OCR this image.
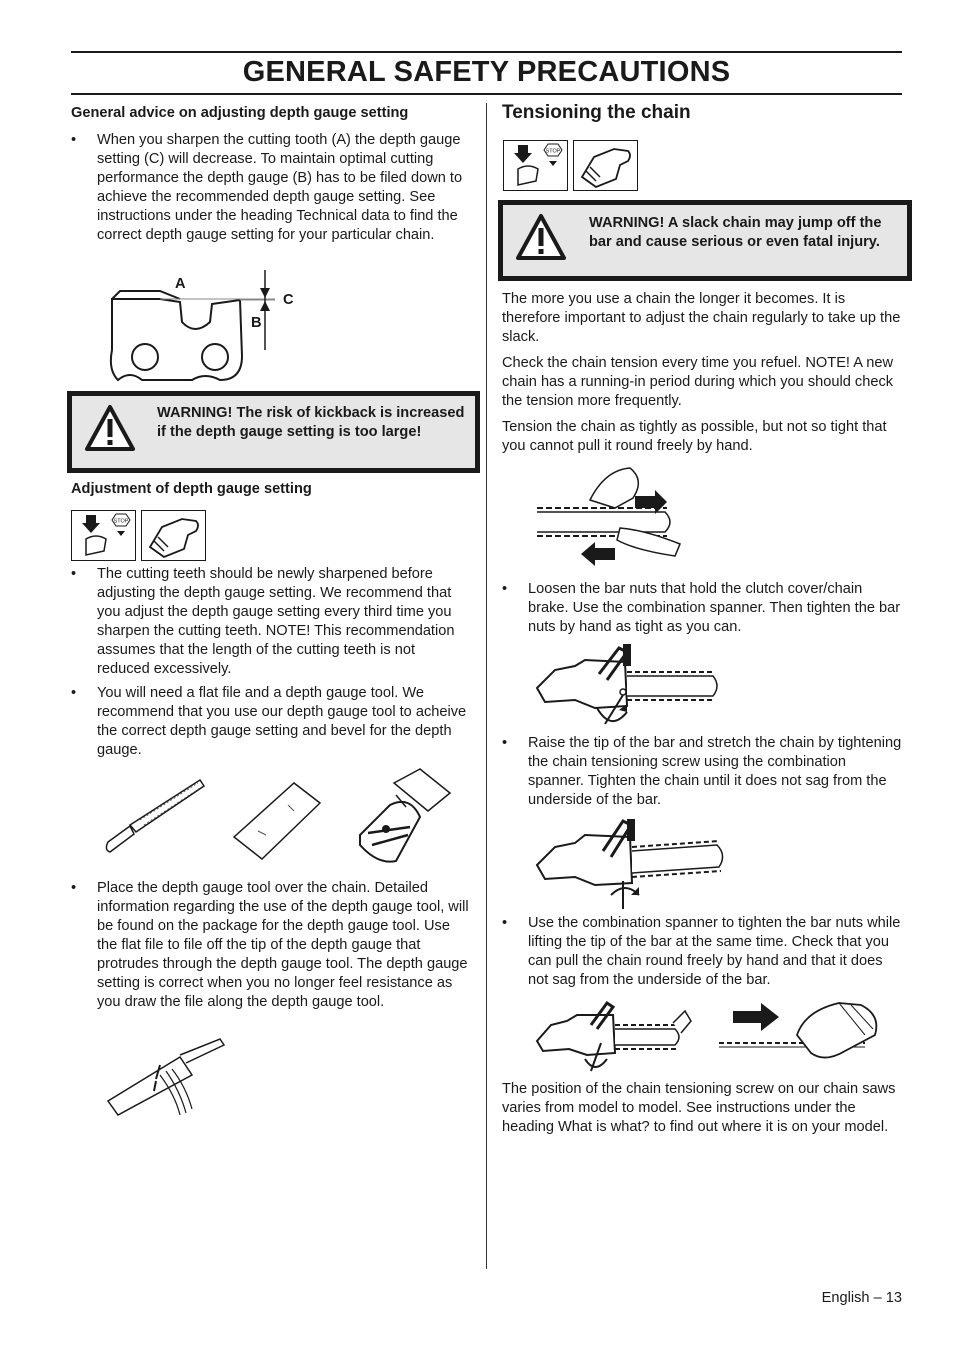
GENERAL SAFETY PRECAUTIONS
General advice on adjusting depth gauge setting

• When you sharpen the cutting tooth (A) the depth gauge setting (C) will decrease. To maintain optimal cutting performance the depth gauge (B) has to be filed down to achieve the recommended depth gauge setting. See instructions under the heading Technical data to find the correct depth gauge setting for your particular chain.

A
B
C
WARNING! The risk of kickback is increased if the depth gauge setting is too large!
Adjustment of depth gauge setting
STOP

• The cutting teeth should be newly sharpened before adjusting the depth gauge setting. We recommend that you adjust the depth gauge setting every third time you sharpen the cutting teeth. NOTE! This recommendation assumes that the length of the cutting teeth is not reduced excessively.

• You will need a flat file and a depth gauge tool. We recommend that you use our depth gauge tool to acheive the correct depth gauge setting and bevel for the depth gauge.

• Place the depth gauge tool over the chain. Detailed information regarding the use of the depth gauge tool, will be found on the package for the depth gauge tool. Use the flat file to file off the tip of the depth gauge that protrudes through the depth gauge tool. The depth gauge setting is correct when you no longer feel resistance as you draw the file along the depth gauge tool.

Tensioning the chain
STOP
WARNING! A slack chain may jump off the bar and cause serious or even fatal injury.

The more you use a chain the longer it becomes. It is therefore important to adjust the chain regularly to take up the slack.

Check the chain tension every time you refuel. NOTE! A new chain has a running-in period during which you should check the tension more frequently.

Tension the chain as tightly as possible, but not so tight that you cannot pull it round freely by hand.

• Loosen the bar nuts that hold the clutch cover/chain brake. Use the combination spanner. Then tighten the bar nuts by hand as tight as you can.

• Raise the tip of the bar and stretch the chain by tightening the chain tensioning screw using the combination spanner. Tighten the chain until it does not sag from the underside of the bar.

• Use the combination spanner to tighten the bar nuts while lifting the tip of the bar at the same time. Check that you can pull the chain round freely by hand and that it does not sag from the underside of the bar.

The position of the chain tensioning screw on our chain saws varies from model to model. See instructions under the heading What is what? to find out where it is on your model.

English – 13
